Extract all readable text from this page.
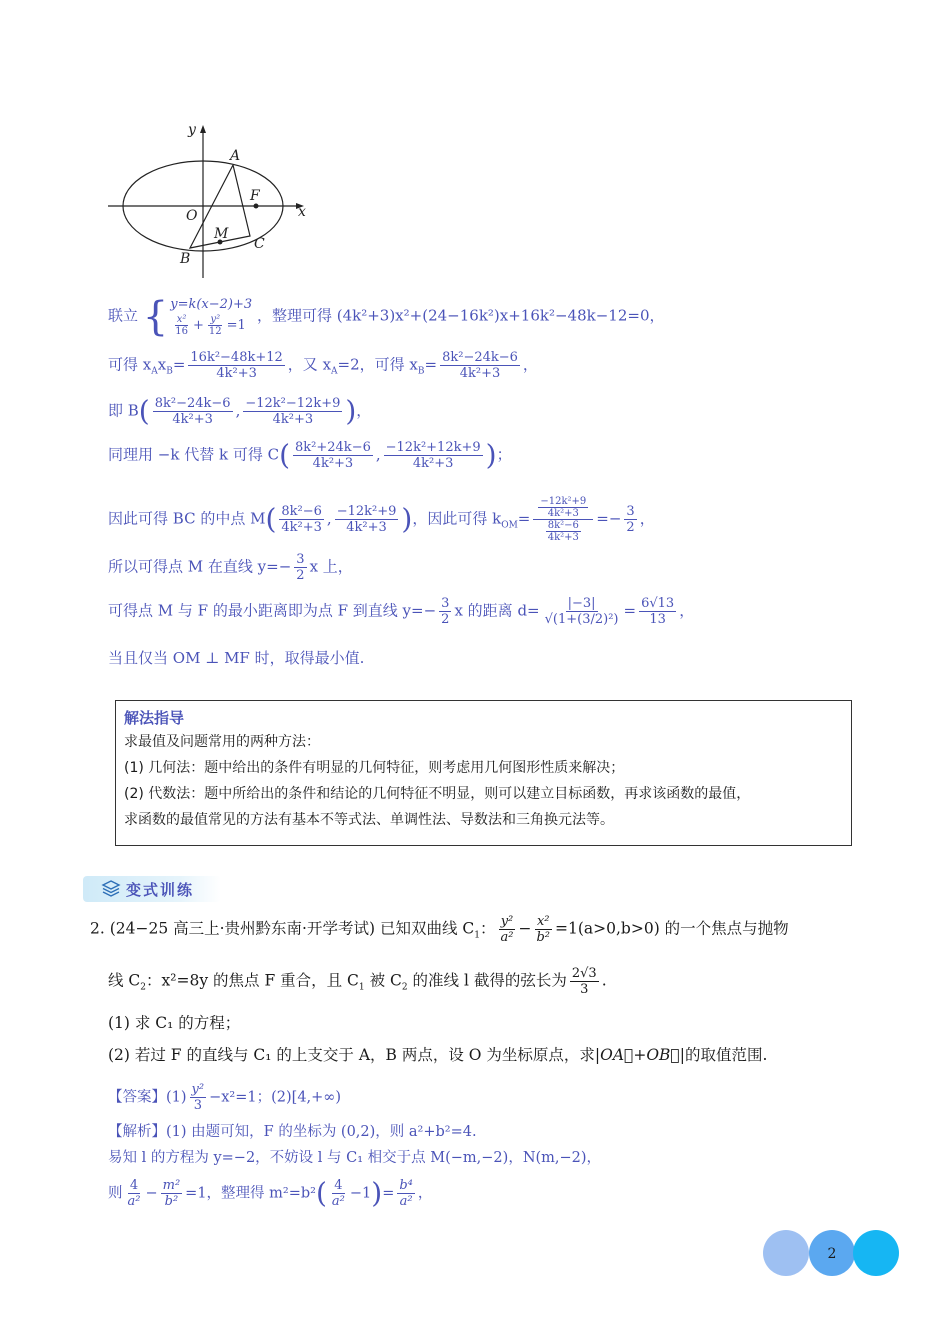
y
x
O
A
F
M
C
B
联立 { y=k(x−2)+3
$\frac{\text{x²}}{16} + \frac{\text{y²}}{12} =1$
，整理可得 (4k²+3)x²+(24−16k²)x+16k²−48k−12=0，
可得 $x_Ax_B= \frac{\text{16k²−48k+12}}{\text{4k²+3}}$ ，又 $x_A=2$，可得 $x_B= \frac{\text{8k²−24k−6}}{\text{4k²+3}}$ ，
即 $B( \frac{\text{8k²−24k−6}}{\text{4k²+3}}$ , $\frac{\text{−12k²−12k+9}}{\text{4k²+3}}$ )，
同理用 −k 代替 k 可得 $C( \frac{\text{8k²+24k−6}}{\text{4k²+3}}$ , $\frac{\text{−12k²+12k+9}}{\text{4k²+3}}$ )；
因此可得 BC 的中点 $M( \frac{\text{8k²−6}}{\text{4k²+3}}$ , $\frac{\text{−12k²+9}}{\text{4k²+3}}$ )，因此可得 $k_{OM}= \frac{\frac{\text{−12k²+9}}{\text{4k²+3}}}{\frac{\text{8k²−6}}{\text{4k²+3}}} =- \frac{3}{2}$ ，
所以可得点 M 在直线 $y=- \frac{3}{2}$ x 上，
可得点 M 与 F 的最小距离即为点 F 到直线 $y=- \frac{3}{2}$ x 的距离 $d= \frac{|-3|}{\text{√(1+(3/2)²)}} = \frac{6√13}{13}$ ，
当且仅当 OM ⊥ MF 时，取得最小值.
解法指导
求最值及问题常用的两种方法：
(1) 几何法：题中给出的条件有明显的几何特征，则考虑用几何图形性质来解决；
(2) 代数法：题中所给出的条件和结论的几何特征不明显，则可以建立目标函数，再求该函数的最值，
求函数的最值常见的方法有基本不等式法、单调性法、导数法和三角换元法等。
变式训练
2. (24−25 高三上·贵州黔东南·开学考试) 已知双曲线 $C_1$： $\frac{\text{y²}}{\text{a²}} - \frac{\text{x²}}{\text{b²}} =1(a>0,b>0)$ 的一个焦点与抛物
线 $C_2$：x²=8y 的焦点 F 重合，且 $C_1$ 被 $C_2$ 的准线 l 截得的弦长为 $\frac{2√3}{3}$ .
(1) 求 C₁ 的方程；
(2) 若过 F 的直线与 C₁ 的上支交于 A，B 两点，设 O 为坐标原点，求|OA⃗+OB⃗|的取值范围.
【答案】$(1) \frac{\text{y²}}{3} -x^2=1$；(2)[4,+∞)
【解析】(1) 由题可知，F 的坐标为 (0,2)，则 a²+b²=4.
易知 l 的方程为 y=−2，不妨设 l 与 C₁ 相交于点 M(−m,−2)，N(m,−2)，
则 $\frac{4}{\text{a²}} - \frac{\text{m²}}{\text{b²}} =1$，整理得 $m^2=b^2( \frac{4}{\text{a²}} -1)= \frac{\text{b⁴}}{\text{a²}}$ ，
2
